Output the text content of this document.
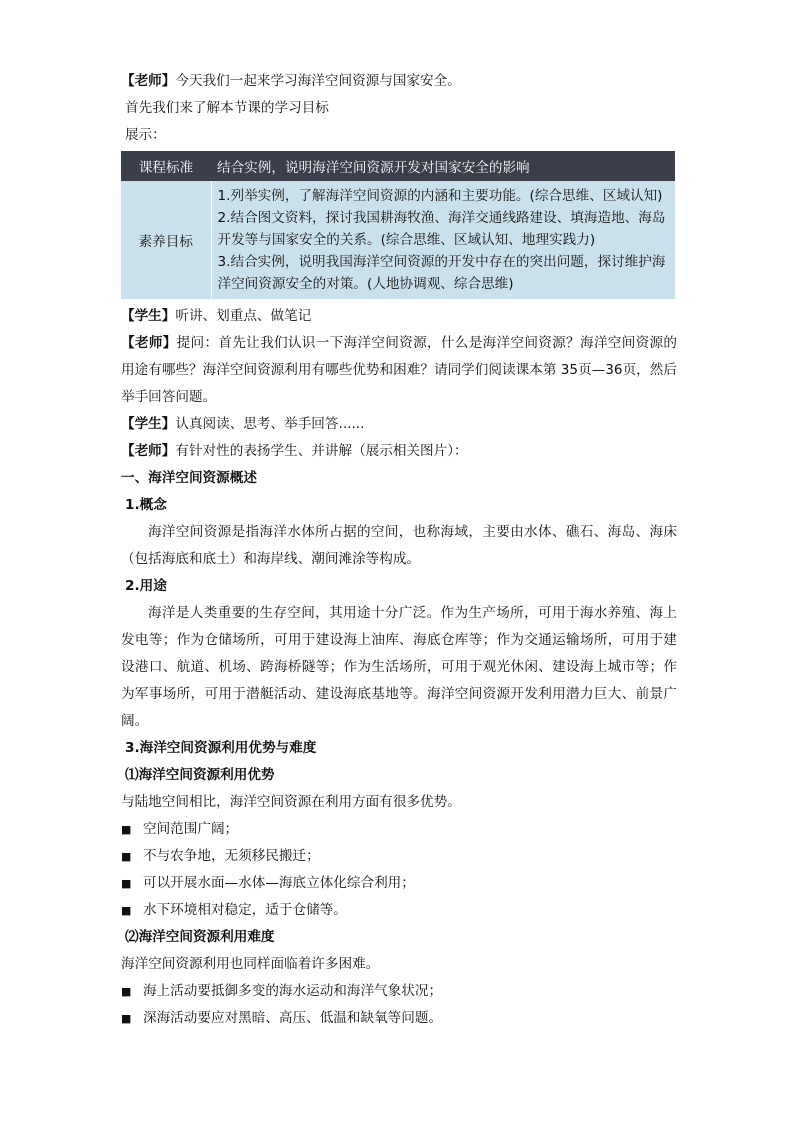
【老师】今天我们一起来学习海洋空间资源与国家安全。

首先我们来了解本节课的学习目标

展示：

课程标准	结合实例，说明海洋空间资源开发对国家安全的影响
素养目标	1.列举实例，了解海洋空间资源的内涵和主要功能。(综合思维、区域认知)
2.结合图文资料，探讨我国耕海牧渔、海洋交通线路建设、填海造地、海岛开发等与国家安全的关系。(综合思维、区域认知、地理实践力)
3.结合实例，说明我国海洋空间资源的开发中存在的突出问题，探讨维护海洋空间资源安全的对策。(人地协调观、综合思维)

【学生】听讲、划重点、做笔记

【老师】提问：首先让我们认识一下海洋空间资源，什么是海洋空间资源？海洋空间资源的用途有哪些？海洋空间资源利用有哪些优势和困难？请同学们阅读课本第 35页—36页，然后举手回答问题。

【学生】认真阅读、思考、举手回答......

【老师】有针对性的表扬学生、并讲解（展示相关图片）：

一、海洋空间资源概述

1.概念

海洋空间资源是指海洋水体所占据的空间，也称海域，主要由水体、礁石、海岛、海床（包括海底和底土）和海岸线、潮间滩涂等构成。

2.用途

海洋是人类重要的生存空间，其用途十分广泛。作为生产场所，可用于海水养殖、海上发电等；作为仓储场所，可用于建设海上油库、海底仓库等；作为交通运输场所，可用于建设港口、航道、机场、跨海桥隧等；作为生活场所，可用于观光休闲、建设海上城市等；作为军事场所，可用于潜艇活动、建设海底基地等。海洋空间资源开发利用潜力巨大、前景广阔。

3.海洋空间资源利用优势与难度

⑴海洋空间资源利用优势

与陆地空间相比，海洋空间资源在利用方面有很多优势。

■ 空间范围广阔；
■ 不与农争地，无须移民搬迁；
■ 可以开展水面—水体—海底立体化综合利用；
■ 水下环境相对稳定，适于仓储等。

⑵海洋空间资源利用难度

海洋空间资源利用也同样面临着许多困难。

■ 海上活动要抵御多变的海水运动和海洋气象状况；
■ 深海活动要应对黑暗、高压、低温和缺氧等问题。
